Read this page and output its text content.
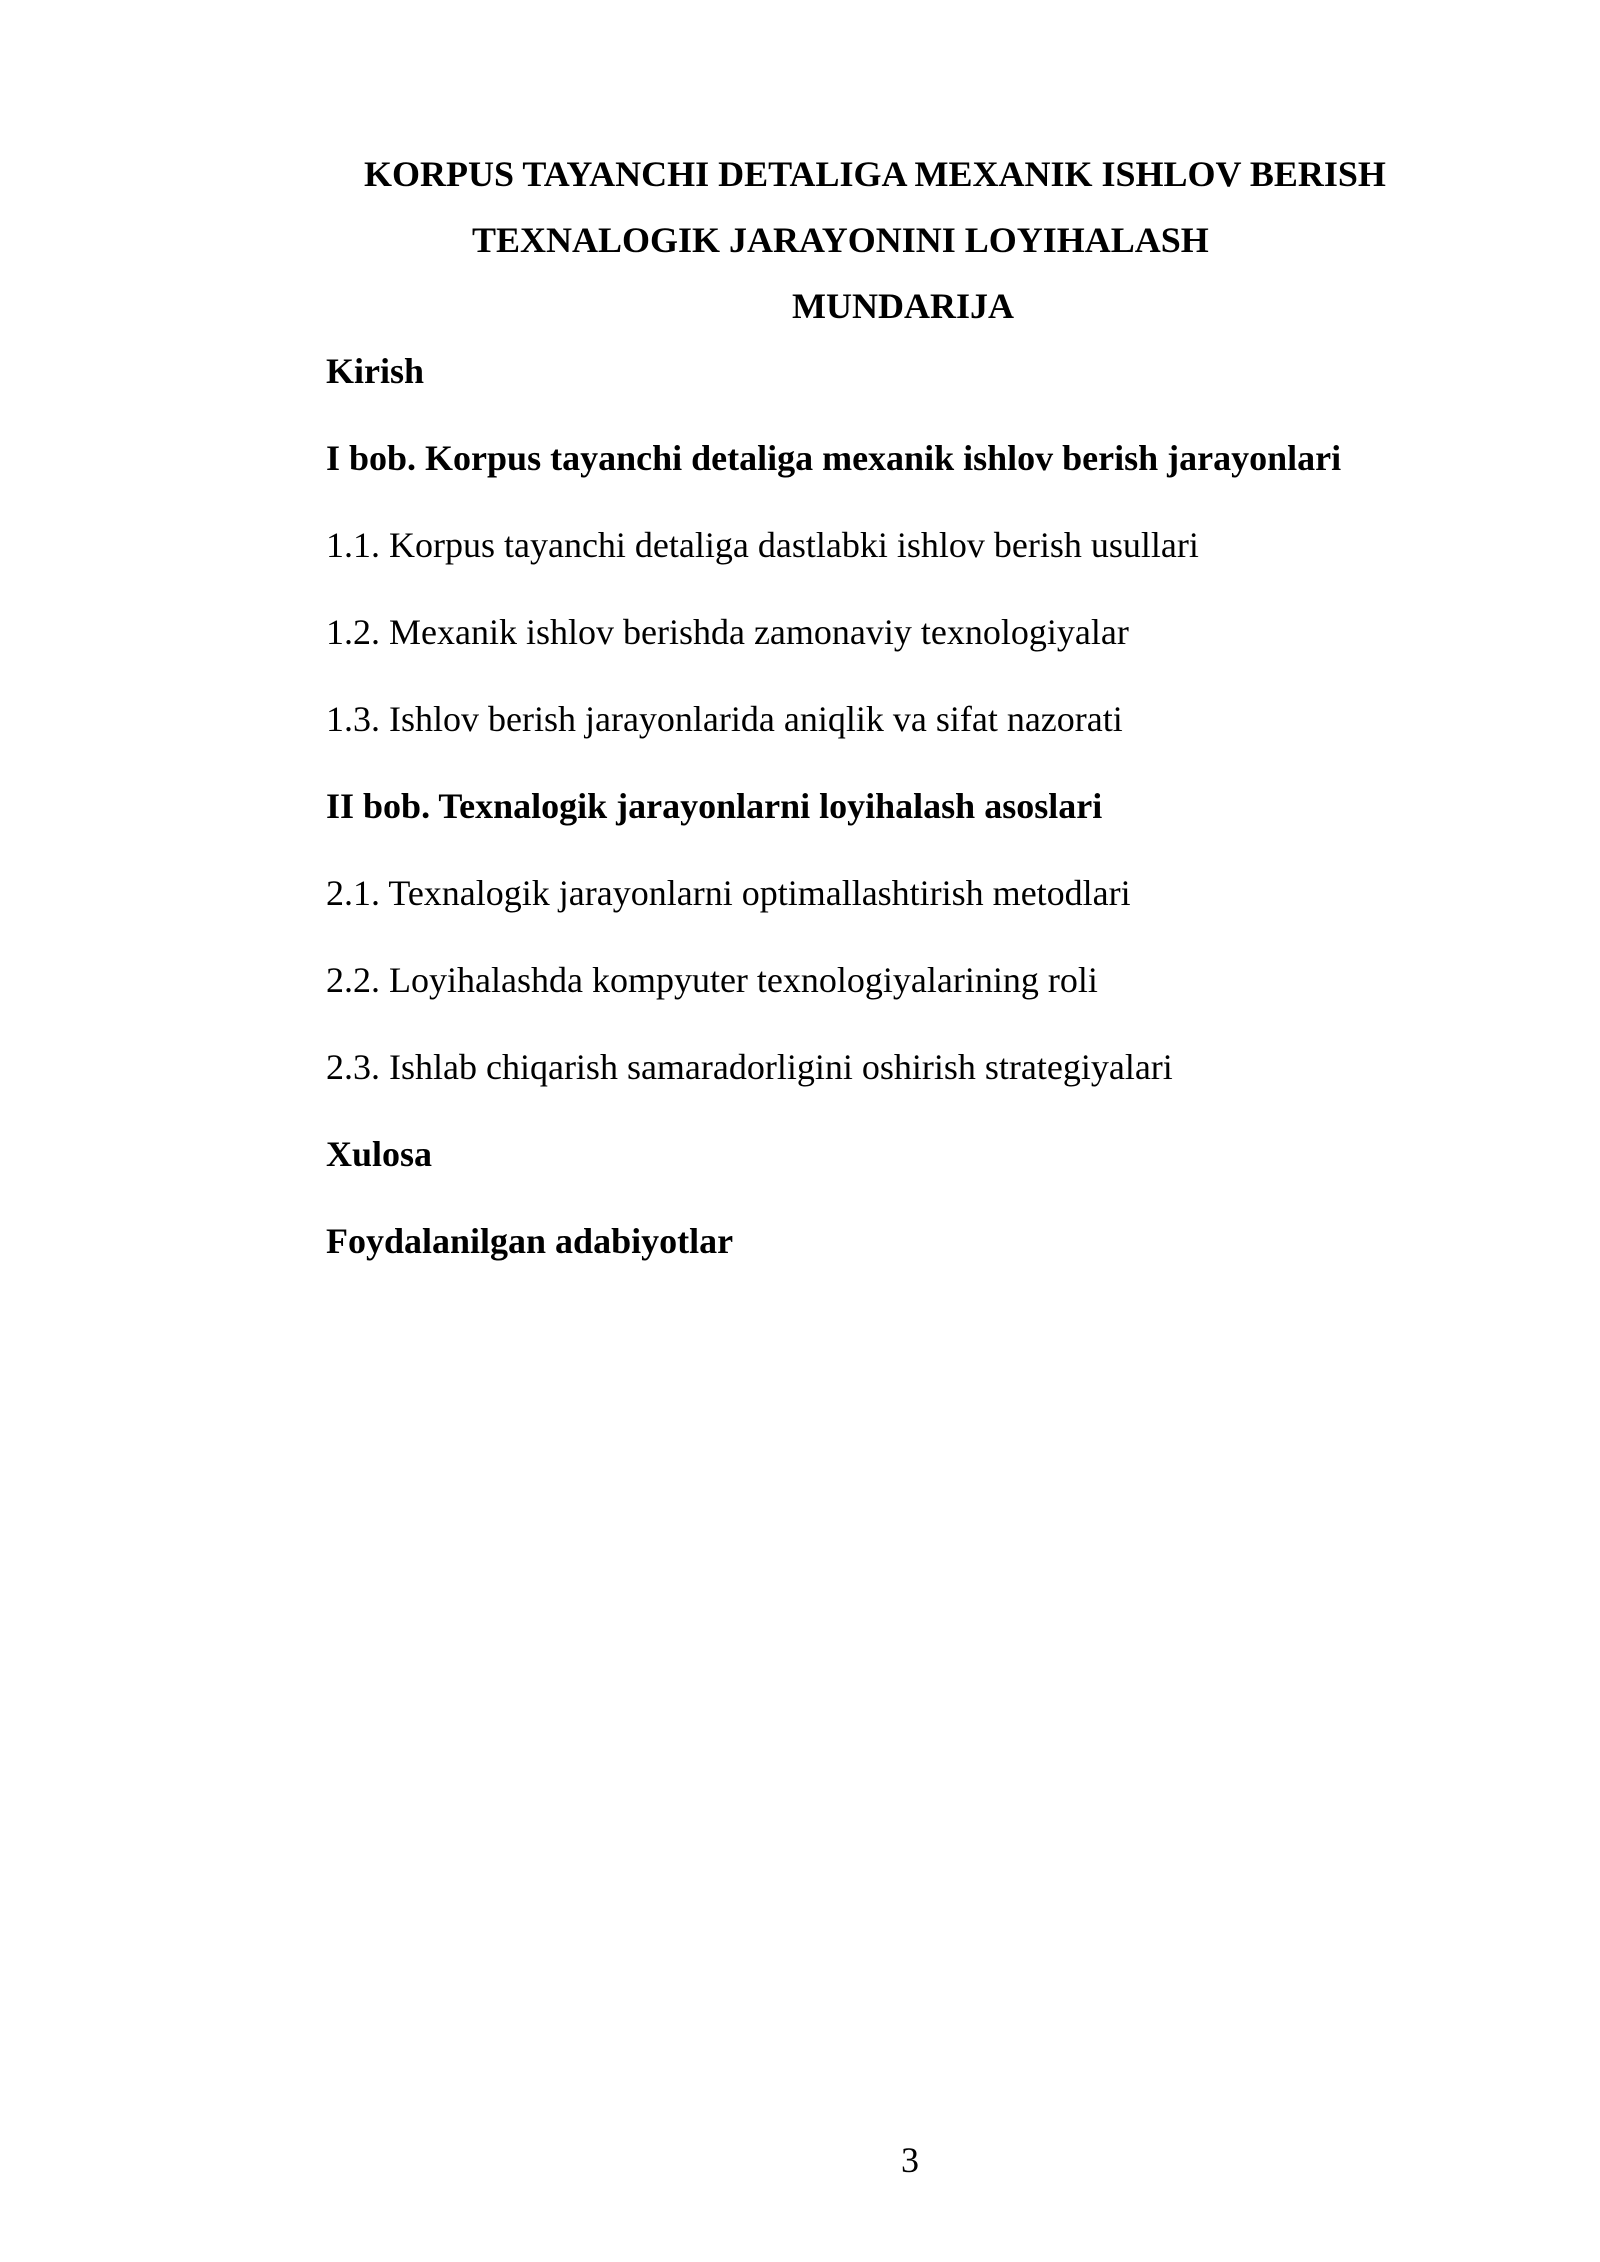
KORPUS TAYANCHI DETALIGA MEXANIK ISHLOV BERISH
TEXNALOGIK JARAYONINI LOYIHALASH
MUNDARIJA
Kirish
I bob. Korpus tayanchi detaliga mexanik ishlov berish jarayonlari
1.1. Korpus tayanchi detaliga dastlabki ishlov berish usullari
1.2. Mexanik ishlov berishda zamonaviy texnologiyalar
1.3. Ishlov berish jarayonlarida aniqlik va sifat nazorati
II bob. Texnalogik jarayonlarni loyihalash asoslari
2.1. Texnalogik jarayonlarni optimallashtirish metodlari
2.2. Loyihalashda kompyuter texnologiyalarining roli
2.3. Ishlab chiqarish samaradorligini oshirish strategiyalari
Xulosa
Foydalanilgan adabiyotlar
3
